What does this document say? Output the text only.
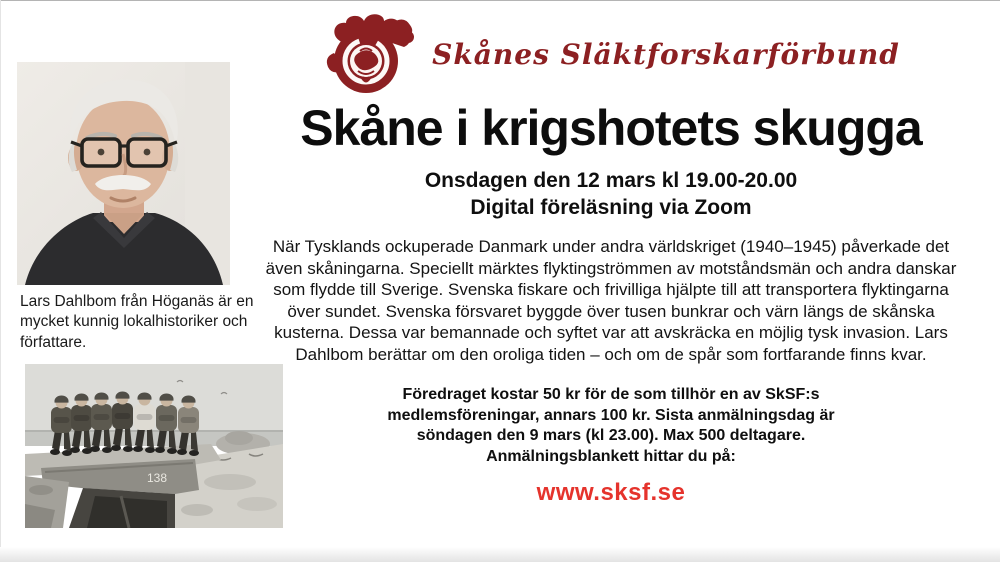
Lars Dahlbom från Höganäs är en mycket kunnig lokalhistoriker och författare.
138
Skånes Släktforskarförbund
Skåne i krigshotets skugga
Onsdagen den 12 mars kl 19.00-20.00
Digital föreläsning via Zoom
När Tysklands ockuperade Danmark under andra världskriget (1940–1945) påverkade det även skåningarna. Speciellt märktes flyktingströmmen av motståndsmän och andra danskar som flydde till Sverige. Svenska fiskare och frivilliga hjälpte till att transportera flyktingarna över sundet. Svenska försvaret byggde över tusen bunkrar och värn längs de skånska kusterna. Dessa var bemannade och syftet var att avskräcka en möjlig tysk invasion. Lars Dahlbom berättar om den oroliga tiden – och om de spår som fortfarande finns kvar.
Föredraget kostar 50 kr för de som tillhör en av SkSF:s medlemsföreningar, annars 100 kr. Sista anmälningsdag är söndagen den 9 mars (kl 23.00). Max 500 deltagare. Anmälningsblankett hittar du på:
www.sksf.se
